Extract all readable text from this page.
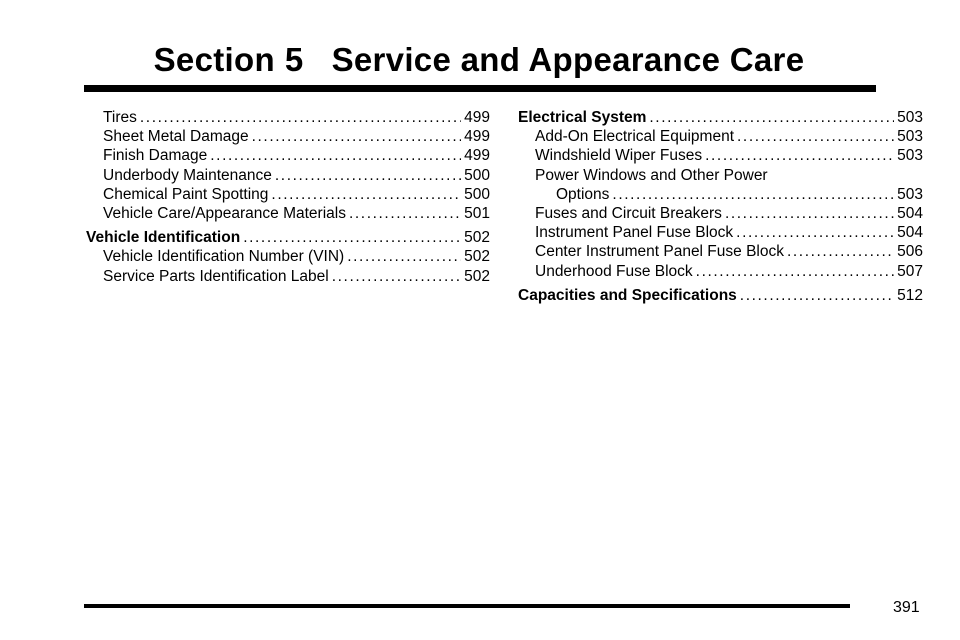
Section 5 Service and Appearance Care
Tires .....	499
Sheet Metal Damage .....	499
Finish Damage .....	499
Underbody Maintenance .....	500
Chemical Paint Spotting .....	500
Vehicle Care/Appearance Materials .....	501
Vehicle Identification .....	502
Vehicle Identification Number (VIN) .....	502
Service Parts Identification Label .....	502
Electrical System .....	503
Add-On Electrical Equipment .....	503
Windshield Wiper Fuses .....	503
Power Windows and Other Power
Options .....	503
Fuses and Circuit Breakers .....	504
Instrument Panel Fuse Block .....	504
Center Instrument Panel Fuse Block .....	506
Underhood Fuse Block .....	507
Capacities and Specifications .....	512
391
